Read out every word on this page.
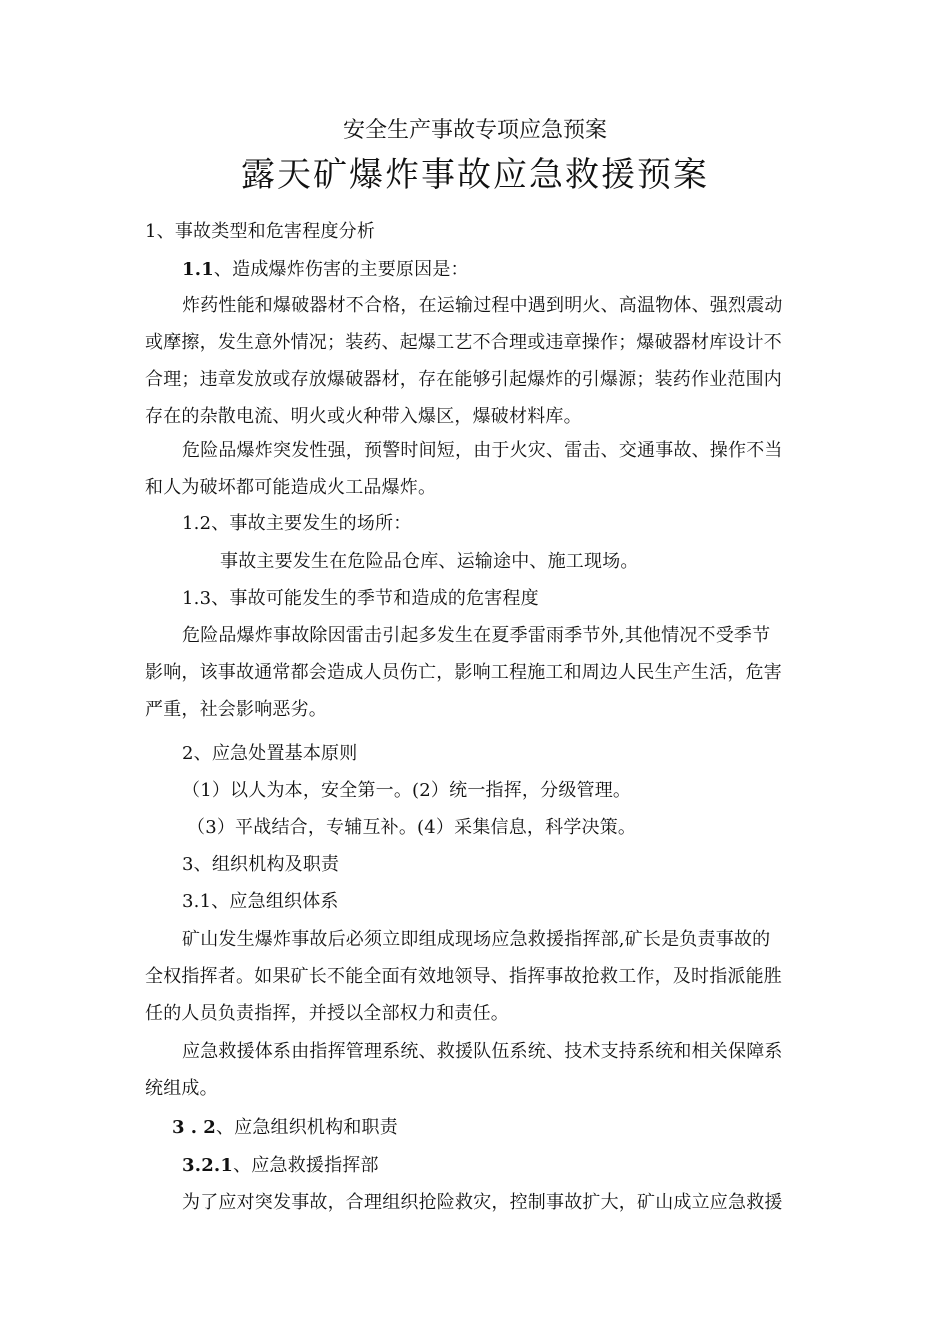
安全生产事故专项应急预案
露天矿爆炸事故应急救援预案
1、事故类型和危害程度分析
1.1、造成爆炸伤害的主要原因是：
炸药性能和爆破器材不合格，在运输过程中遇到明火、高温物体、强烈震动
或摩擦，发生意外情况；装药、起爆工艺不合理或违章操作；爆破器材库设计不
合理；违章发放或存放爆破器材，存在能够引起爆炸的引爆源；装药作业范围内
存在的杂散电流、明火或火种带入爆区，爆破材料库。
危险品爆炸突发性强，预警时间短，由于火灾、雷击、交通事故、操作不当
和人为破坏都可能造成火工品爆炸。
1.2、事故主要发生的场所：
事故主要发生在危险品仓库、运输途中、施工现场。
1.3、事故可能发生的季节和造成的危害程度
危险品爆炸事故除因雷击引起多发生在夏季雷雨季节外,其他情况不受季节
影响，该事故通常都会造成人员伤亡，影响工程施工和周边人民生产生活，危害
严重，社会影响恶劣。
2、应急处置基本原则
（1）以人为本，安全第一。(2）统一指挥，分级管理。
（3）平战结合，专辅互补。(4）采集信息，科学决策。
3、组织机构及职责
3.1、应急组织体系
矿山发生爆炸事故后必须立即组成现场应急救援指挥部,矿长是负责事故的
全权指挥者。如果矿长不能全面有效地领导、指挥事故抢救工作，及时指派能胜
任的人员负责指挥，并授以全部权力和责任。
应急救援体系由指挥管理系统、救援队伍系统、技术支持系统和相关保障系
统组成。
3 . 2、应急组织机构和职责
3.2.1、应急救援指挥部
为了应对突发事故，合理组织抢险救灾，控制事故扩大，矿山成立应急救援
